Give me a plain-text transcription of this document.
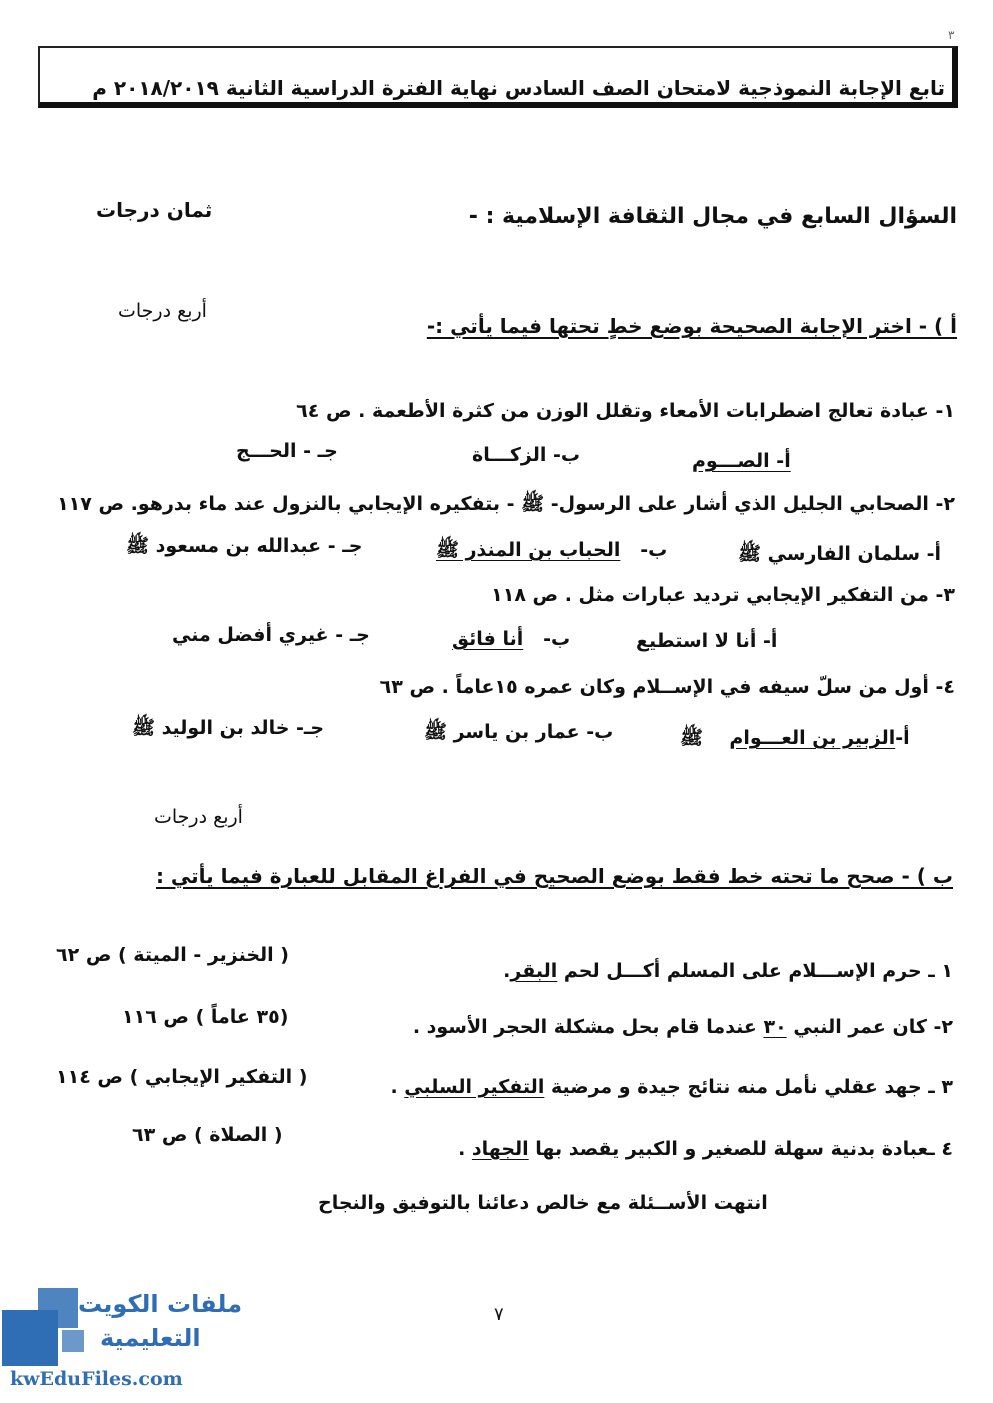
٣
تابع الإجابة النموذجية لامتحان الصف السادس نهاية الفترة الدراسية الثانية ٢٠١٨/٢٠١٩ م
السؤال السابع في مجال الثقافة الإسلامية : -
ثمان درجات
أ ) - اختر الإجابة الصحيحة بوضع خطٍ تحتها فيما يأتي :-
أربع درجات
١- عبادة تعالج اضطرابات الأمعاء وتقلل الوزن من كثرة الأطعمة . ص ٦٤
أ- الصـــوم
ب- الزكـــاة
جـ - الحـــج
٢- الصحابي الجليل الذي أشار على الرسول- ﷺ - بتفكيره الإيجابي بالنزول عند ماء بدرهو. ص ١١٧
أ- سلمان الفارسي ﷺ
ب-   الحباب بن المنذر ﷺ
جـ - عبدالله بن مسعود ﷺ
٣- من التفكير الإيجابي ترديد عبارات مثل . ص ١١٨
أ- أنا لا استطيع
ب-   أنا فائق
جـ - غيري أفضل مني
٤- أول من سلّ سيفه في الإســلام وكان عمره ١٥عاماً . ص ٦٣
أ-الزبير بن العـــوام    ﷺ
ب- عمار بن ياسر ﷺ
جـ- خالد بن الوليد ﷺ
أربع درجات
ب ) - صحح ما تحته خط فقط بوضع الصحيح في الفراغ المقابل للعبارة فيما يأتي :
١ ـ حرم الإســـلام على المسلم أكـــل لحم البقر.
( الخنزير - الميتة ) ص ٦٢
٢- كان عمر النبي ٣٠ عندما قام بحل مشكلة الحجر الأسود .
(٣٥ عاماً ) ص ١١٦
٣ ـ جهد عقلي نأمل منه نتائج جيدة و مرضية التفكير السلبي .
( التفكير الإيجابي ) ص ١١٤
٤ ـعبادة بدنية سهلة للصغير و الكبير يقصد بها الجهاد .
( الصلاة ) ص ٦٣
انتهت الأســئلة مع خالص دعائنا بالتوفيق والنجاح
٧
ملفات الكويت
التعليمية
kwEduFiles.com
